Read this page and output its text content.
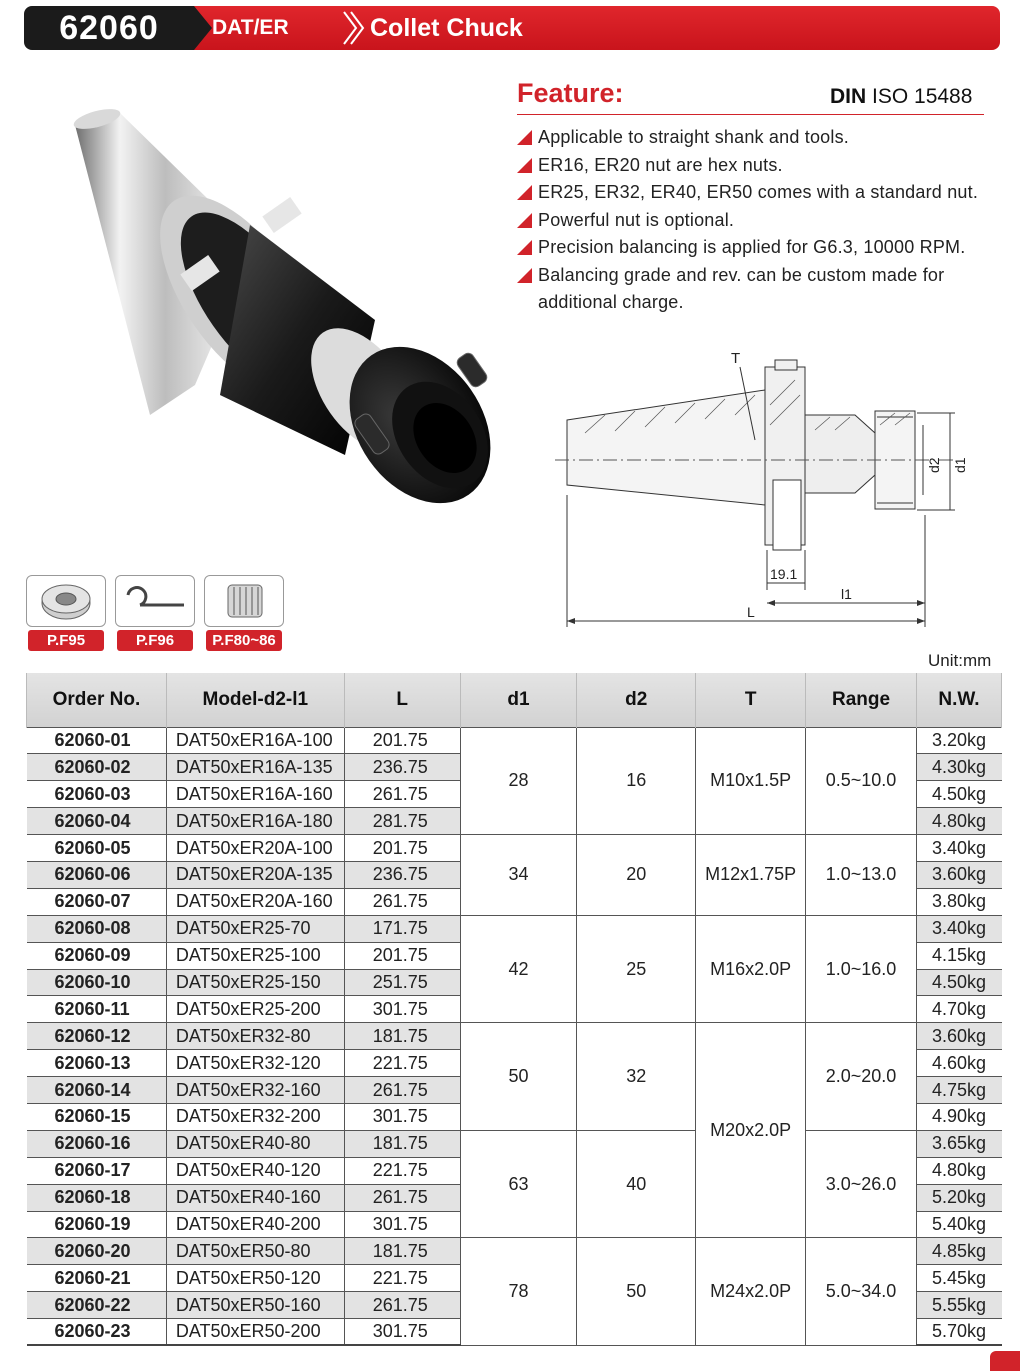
62060	DAT/ER	Collet Chuck
Feature:	DIN ISO 15488
Applicable to straight shank and tools.
ER16, ER20 nut are hex nuts.
ER25, ER32, ER40, ER50 comes with a standard nut.
Powerful nut is optional.
Precision balancing is applied for G6.3, 10000 RPM.
Balancing grade and rev. can be custom made for additional charge.
T
d2 d1
19.1
l1
L
P.F95	P.F96	P.F80~86
Unit:mm
Order No.	Model-d2-l1	L	d1	d2	T	Range	N.W.
62060-01	DAT50xER16A-100	201.75	28	16	M10x1.5P	0.5~10.0	3.20kg
62060-02	DAT50xER16A-135	236.75					4.30kg
62060-03	DAT50xER16A-160	261.75					4.50kg
62060-04	DAT50xER16A-180	281.75					4.80kg
62060-05	DAT50xER20A-100	201.75	34	20	M12x1.75P	1.0~13.0	3.40kg
62060-06	DAT50xER20A-135	236.75					3.60kg
62060-07	DAT50xER20A-160	261.75					3.80kg
62060-08	DAT50xER25-70	171.75	42	25	M16x2.0P	1.0~16.0	3.40kg
62060-09	DAT50xER25-100	201.75					4.15kg
62060-10	DAT50xER25-150	251.75					4.50kg
62060-11	DAT50xER25-200	301.75					4.70kg
62060-12	DAT50xER32-80	181.75	50	32	M20x2.0P	2.0~20.0	3.60kg
62060-13	DAT50xER32-120	221.75					4.60kg
62060-14	DAT50xER32-160	261.75					4.75kg
62060-15	DAT50xER32-200	301.75					4.90kg
62060-16	DAT50xER40-80	181.75	63	40		3.0~26.0	3.65kg
62060-17	DAT50xER40-120	221.75					4.80kg
62060-18	DAT50xER40-160	261.75					5.20kg
62060-19	DAT50xER40-200	301.75					5.40kg
62060-20	DAT50xER50-80	181.75	78	50	M24x2.0P	5.0~34.0	4.85kg
62060-21	DAT50xER50-120	221.75					5.45kg
62060-22	DAT50xER50-160	261.75					5.55kg
62060-23	DAT50xER50-200	301.75					5.70kg
